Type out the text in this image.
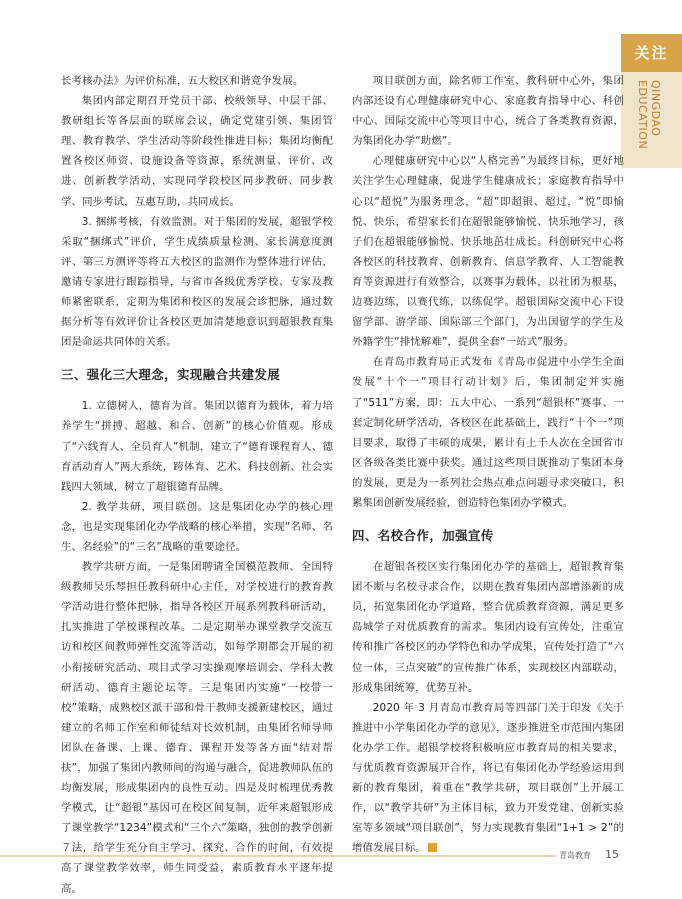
关注
QINGDAO
EDUCATION

长考核办法》为评价标准，五大校区和谐竞争发展。

集团内部定期召开党员干部、校级领导、中层干部、教研组长等各层面的联席会议，确定党建引领、集团管理、教育教学、学生活动等阶段性推进目标；集团均衡配置各校区师资、设施设备等资源，系统测量、评价、改进、创新教学活动，实现同学段校区同步教研、同步教学、同步考试，互惠互助，共同成长。

3. 捆绑考核，有效监测。对于集团的发展，超银学校采取“捆绑式”评价，学生成绩质量检测、家长满意度测评、第三方测评等将五大校区的监测作为整体进行评估，邀请专家进行跟踪指导，与省市各级优秀学校、专家及教师紧密联系，定期为集团和校区的发展会诊把脉，通过数据分析等有效评价让各校区更加清楚地意识到超银教育集团是命运共同体的关系。

三、强化三大理念，实现融合共建发展

1. 立德树人，德育为首。集团以德育为载体，着力培养学生“拼搏、超越、和合、创新”的核心价值观。形成了“六线育人、全员育人”机制，建立了“德育课程育人、德育活动育人”两大系统，跨体育、艺术、科技创新、社会实践四大领域，树立了超银德育品牌。

2. 教学共研，项目联创。这是集团化办学的核心理念，也是实现集团化办学战略的核心举措，实现“名师、名生、名经验”的“三名”战略的重要途径。

教学共研方面，一是集团聘请全国模范教师、全国特级教师吴乐琴担任教科研中心主任，对学校进行的教育教学活动进行整体把脉，指导各校区开展系列教科研活动，扎实推进了学校课程改革。二是定期举办课堂教学交流互访和校区间教师弹性交流等活动，如每学期都会开展的初小衔接研究活动、项目式学习实操观摩培训会、学科大教研活动、德育主题论坛等。三是集团内实施“一校带一校”策略，成熟校区派干部和骨干教师支援新建校区，通过建立的名师工作室和师徒结对长效机制，由集团名师导师团队在备课、上课、德育、课程开发等各方面“结对帮扶”，加强了集团内教师间的沟通与融合，促进教师队伍的均衡发展，形成集团内的良性互动。四是及时梳理优秀教学模式，让“超银”基因可在校区间复制，近年来超银形成了课堂教学“1234”模式和“三个六”策略，独创的教学创新７法，给学生充分自主学习、探究、合作的时间，有效提高了课堂教学效率，师生同受益，素质教育水平逐年提高。

项目联创方面，除名师工作室、教科研中心外，集团内部还设有心理健康研究中心、家庭教育指导中心、科创中心、国际交流中心等项目中心，统合了各类教育资源，为集团化办学“助燃”。

心理健康研究中心以“人格完善”为最终目标，更好地关注学生心理健康，促进学生健康成长；家庭教育指导中心以“超悦”为服务理念，“超”即超银、超过，“悦”即愉悦、快乐，希望家长们在超银能够愉悦、快乐地学习，孩子们在超银能够愉悦、快乐地茁壮成长。科创研究中心将各校区的科技教育、创新教育、信息学教育、人工智能教育等资源进行有效整合，以赛事为载体，以社团为根基，边赛边练，以赛代练，以练促学。超银国际交流中心下设留学部、游学部、国际部三个部门，为出国留学的学生及外籍学生“排忧解难”，提供全套“一站式”服务。

在青岛市教育局正式发布《青岛市促进中小学生全面发展“十个一”项目行动计划》后，集团制定并实施了“511”方案，即：五大中心、一系列“超银杯”赛事、一套定制化研学活动，各校区在此基础上，践行“十个一”项目要求，取得了丰硕的成果，累计有上千人次在全国省市区各级各类比赛中获奖。通过这些项目既推动了集团本身的发展，更是为一系列社会热点难点问题寻求突破口，积累集团创新发展经验，创造特色集团办学模式。

四、名校合作，加强宣传

在超银各校区实行集团化办学的基础上，超银教育集团不断与名校寻求合作，以期在教育集团内部增添新的成员，拓宽集团化办学道路，整合优质教育资源，满足更多岛城学子对优质教育的需求。集团内设有宣传处，注重宣传和推广各校区的办学特色和办学成果，宣传处打造了“六位一体，三点突破”的宣传推广体系，实现校区内部联动，形成集团统筹，优势互补。

2020 年 3 月青岛市教育局等四部门关于印发《关于推进中小学集团化办学的意见》，逐步推进全市范围内集团化办学工作。超银学校将积极响应市教育局的相关要求，与优质教育资源展开合作，将已有集团化办学经验运用到新的教育集团，着重在“教学共研，项目联创”上开展工作，以“教学共研”为主体目标，致力开发党建、创新实验室等多领域“项目联创”，努力实现教育集团“1+1 > 2”的增值发展目标。

青岛教育 15
